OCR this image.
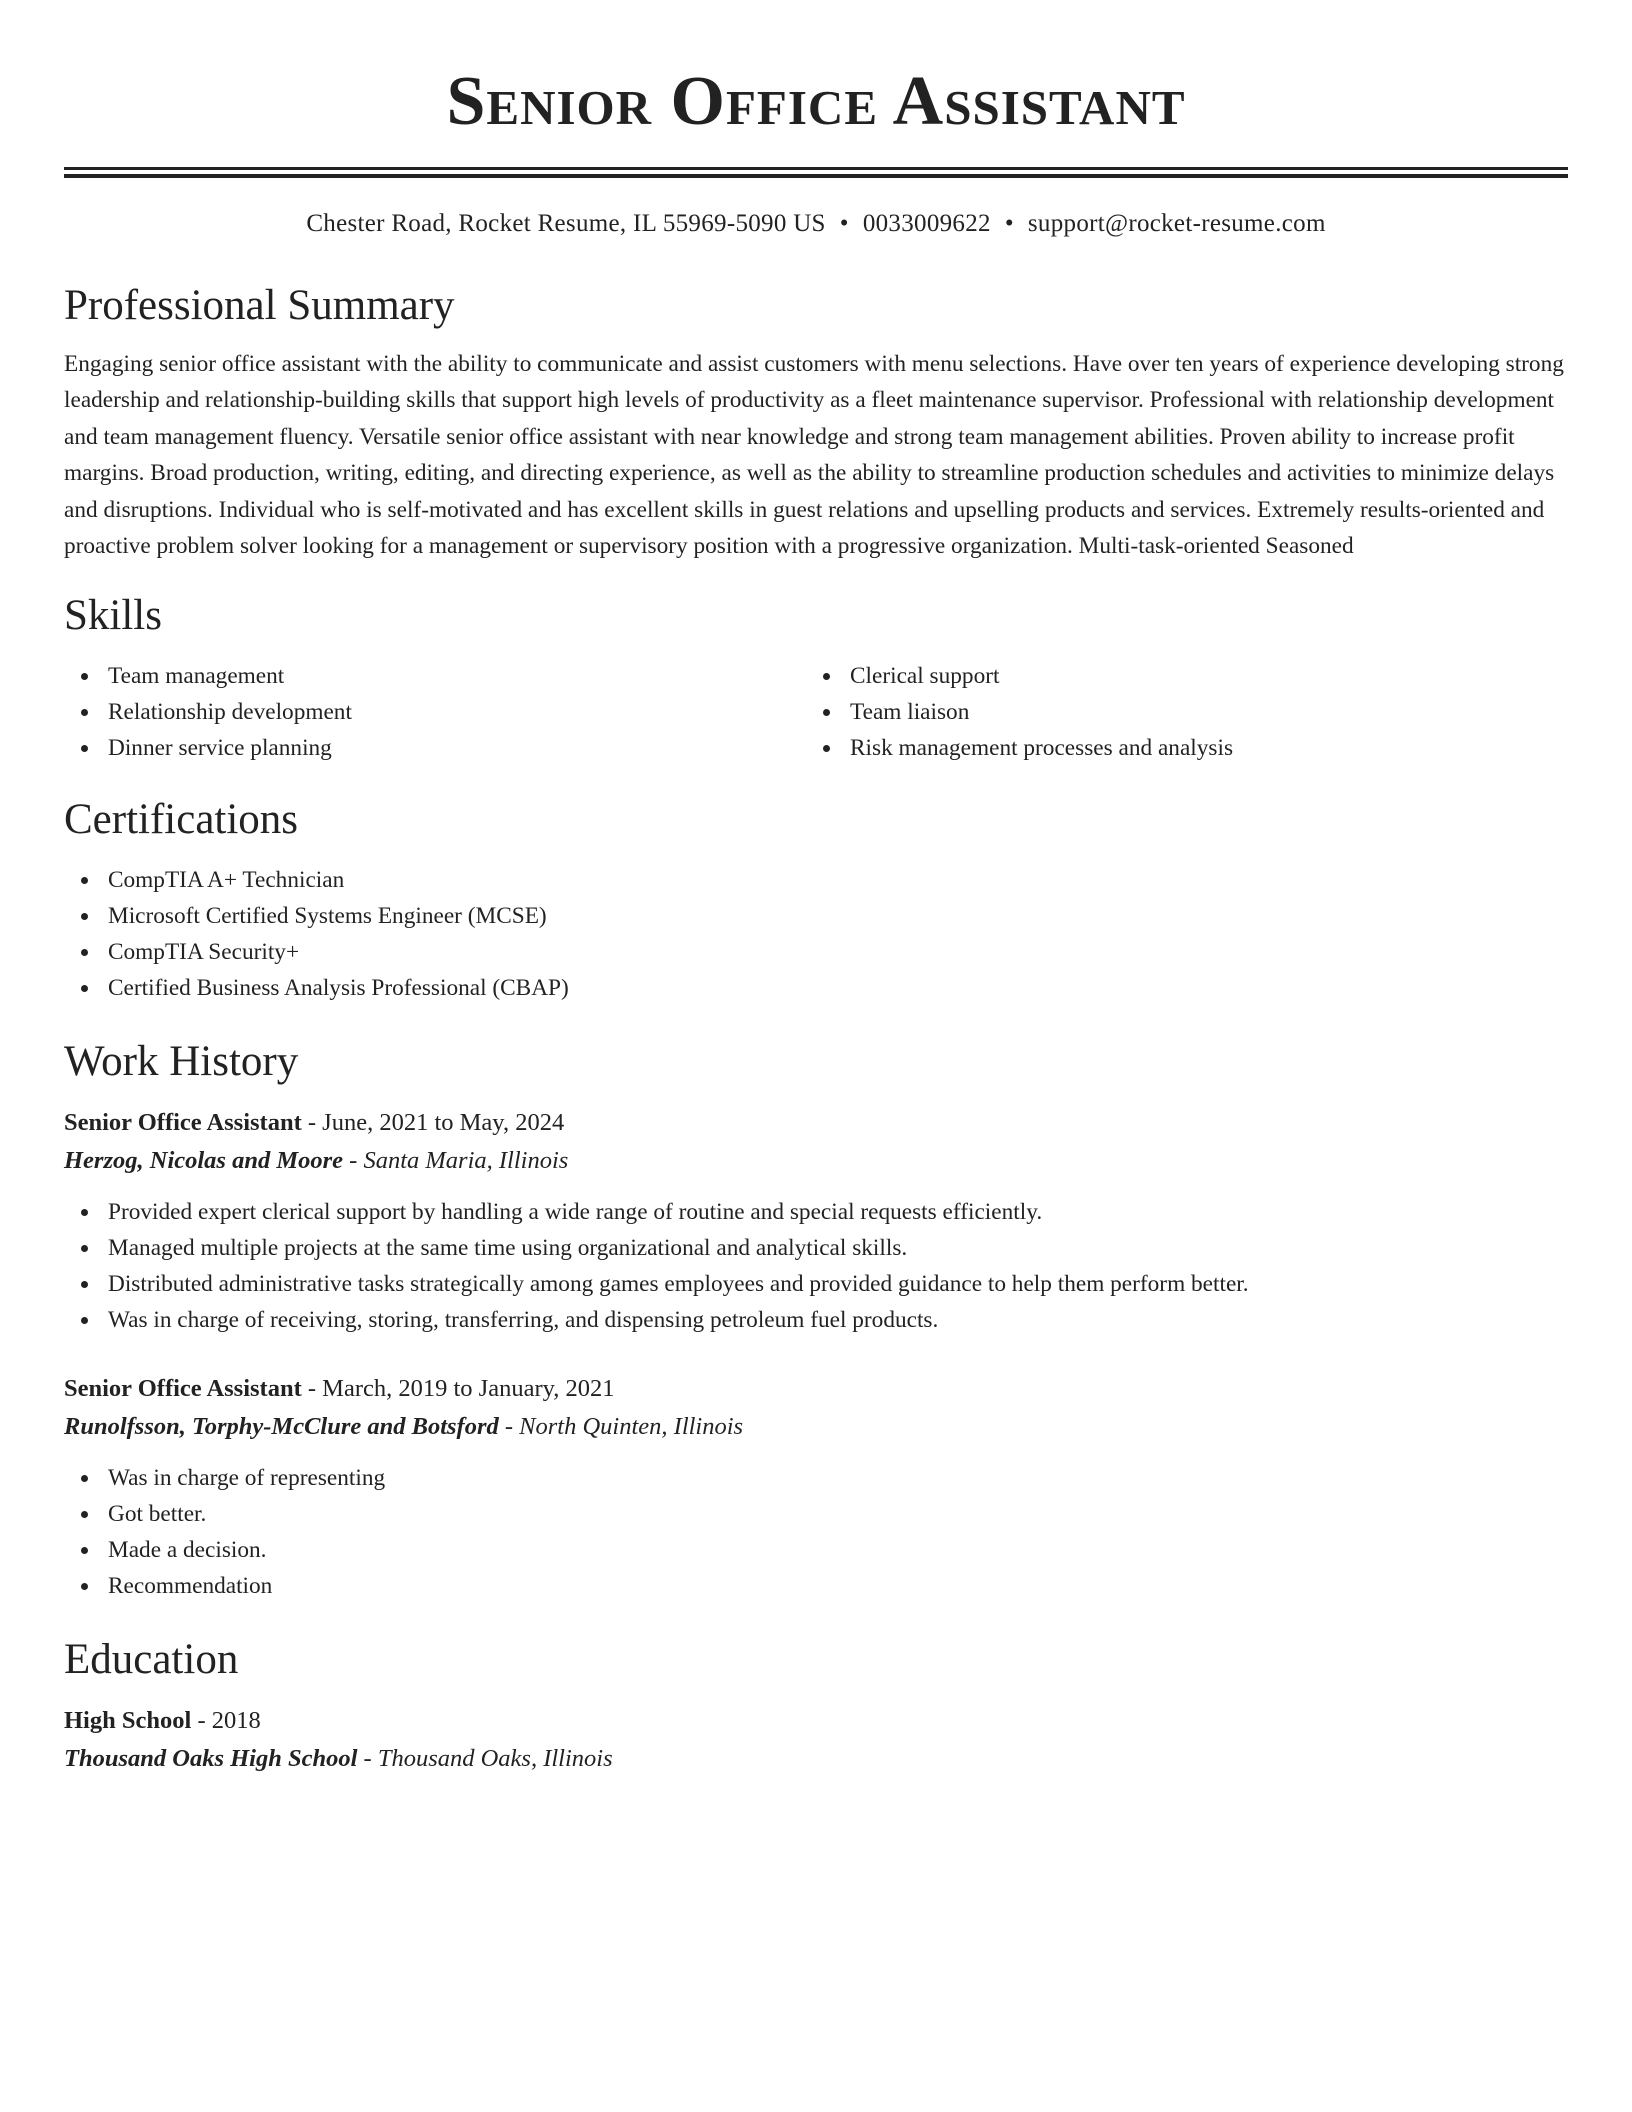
Senior Office Assistant
Chester Road, Rocket Resume, IL 55969-5090 US • 0033009622 • support@rocket-resume.com
Professional Summary
Engaging senior office assistant with the ability to communicate and assist customers with menu selections. Have over ten years of experience developing strong leadership and relationship-building skills that support high levels of productivity as a fleet maintenance supervisor. Professional with relationship development and team management fluency. Versatile senior office assistant with near knowledge and strong team management abilities. Proven ability to increase profit margins. Broad production, writing, editing, and directing experience, as well as the ability to streamline production schedules and activities to minimize delays and disruptions. Individual who is self-motivated and has excellent skills in guest relations and upselling products and services. Extremely results-oriented and proactive problem solver looking for a management or supervisory position with a progressive organization. Multi-task-oriented Seasoned
Skills
Team management
Relationship development
Dinner service planning
Clerical support
Team liaison
Risk management processes and analysis
Certifications
CompTIA A+ Technician
Microsoft Certified Systems Engineer (MCSE)
CompTIA Security+
Certified Business Analysis Professional (CBAP)
Work History
Senior Office Assistant - June, 2021 to May, 2024
Herzog, Nicolas and Moore - Santa Maria, Illinois
Provided expert clerical support by handling a wide range of routine and special requests efficiently.
Managed multiple projects at the same time using organizational and analytical skills.
Distributed administrative tasks strategically among games employees and provided guidance to help them perform better.
Was in charge of receiving, storing, transferring, and dispensing petroleum fuel products.
Senior Office Assistant - March, 2019 to January, 2021
Runolfsson, Torphy-McClure and Botsford - North Quinten, Illinois
Was in charge of representing
Got better.
Made a decision.
Recommendation
Education
High School - 2018
Thousand Oaks High School - Thousand Oaks, Illinois
